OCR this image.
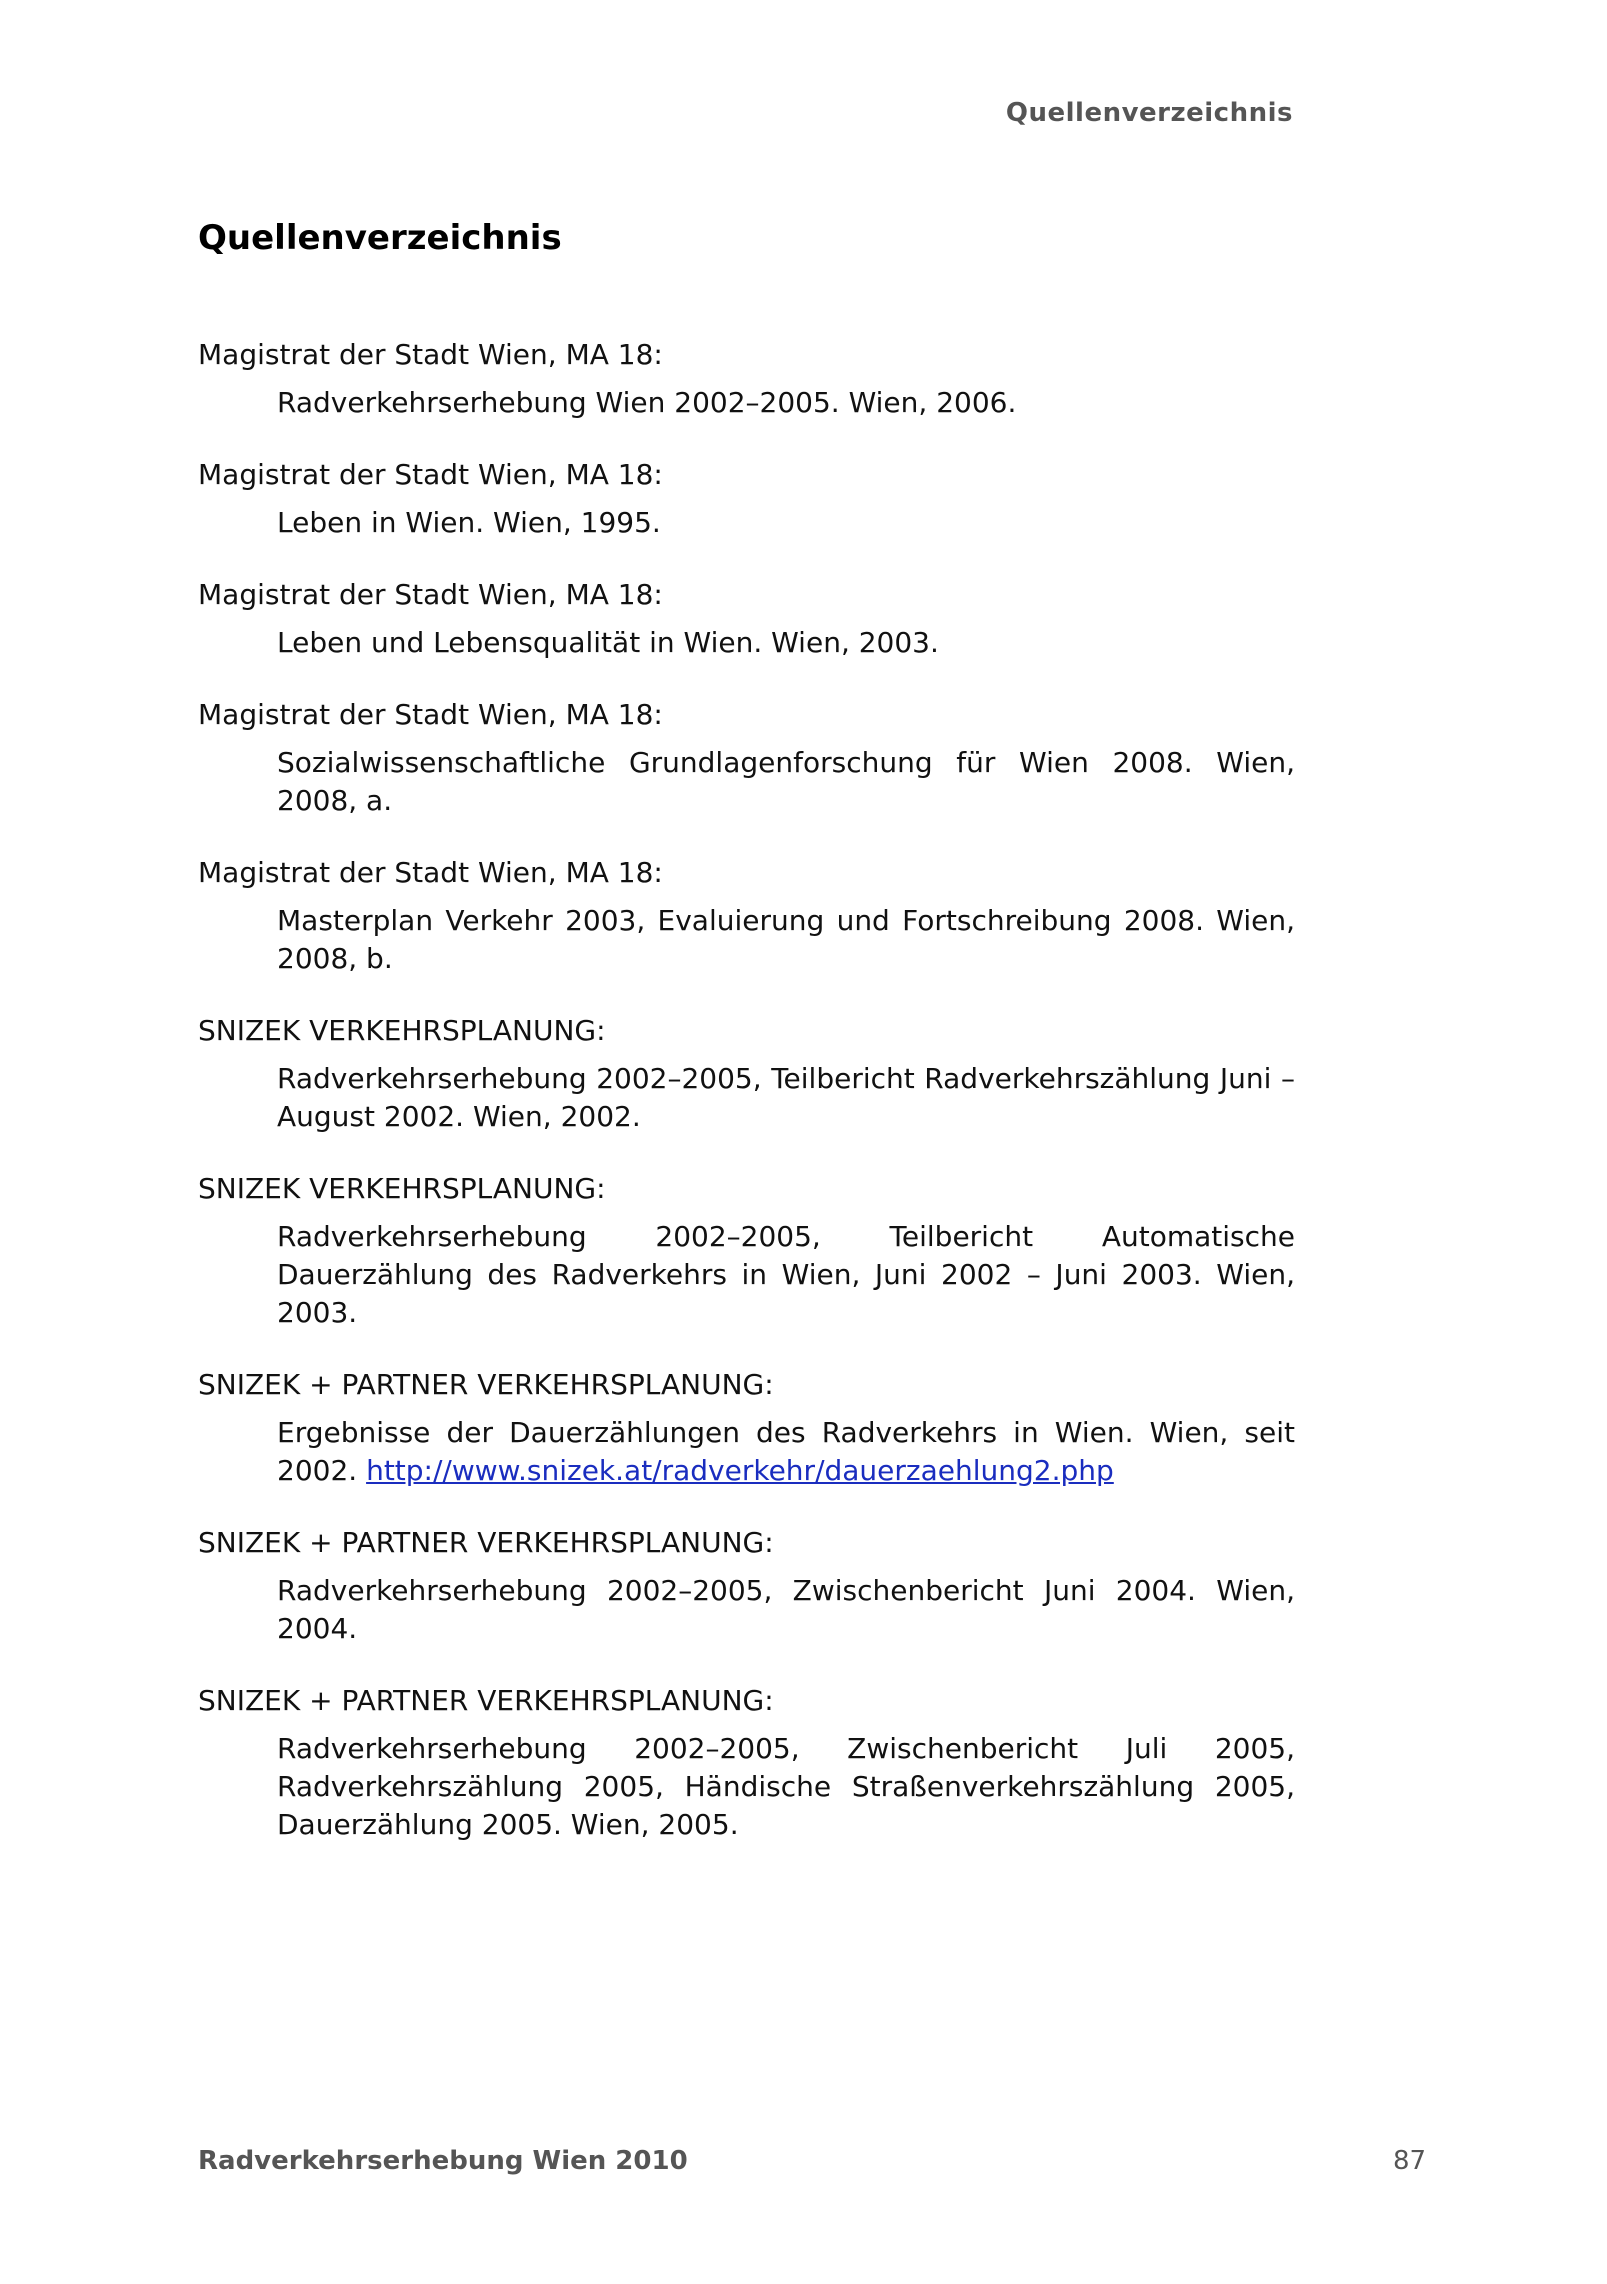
Quellenverzeichnis
Quellenverzeichnis
Magistrat der Stadt Wien, MA 18:
Radverkehrserhebung Wien 2002–2005. Wien, 2006.
Magistrat der Stadt Wien, MA 18:
Leben in Wien. Wien, 1995.
Magistrat der Stadt Wien, MA 18:
Leben und Lebensqualität in Wien. Wien, 2003.
Magistrat der Stadt Wien, MA 18:
Sozialwissenschaftliche Grundlagenforschung für Wien 2008. Wien, 2008, a.
Magistrat der Stadt Wien, MA 18:
Masterplan Verkehr 2003, Evaluierung und Fortschreibung 2008. Wien, 2008, b.
SNIZEK VERKEHRSPLANUNG:
Radverkehrserhebung 2002–2005, Teilbericht Radverkehrszählung Juni – August 2002. Wien, 2002.
SNIZEK VERKEHRSPLANUNG:
Radverkehrserhebung 2002–2005, Teilbericht Automatische Dauerzählung des Radverkehrs in Wien, Juni 2002 – Juni 2003. Wien, 2003.
SNIZEK + PARTNER VERKEHRSPLANUNG:
Ergebnisse der Dauerzählungen des Radverkehrs in Wien. Wien, seit 2002. http://www.snizek.at/radverkehr/dauerzaehlung2.php
SNIZEK + PARTNER VERKEHRSPLANUNG:
Radverkehrserhebung 2002–2005, Zwischenbericht Juni 2004. Wien, 2004.
SNIZEK + PARTNER VERKEHRSPLANUNG:
Radverkehrserhebung 2002–2005, Zwischenbericht Juli 2005, Radverkehrszählung 2005, Händische Straßenverkehrszählung 2005, Dauerzählung 2005. Wien, 2005.
Radverkehrserhebung Wien 2010	87
